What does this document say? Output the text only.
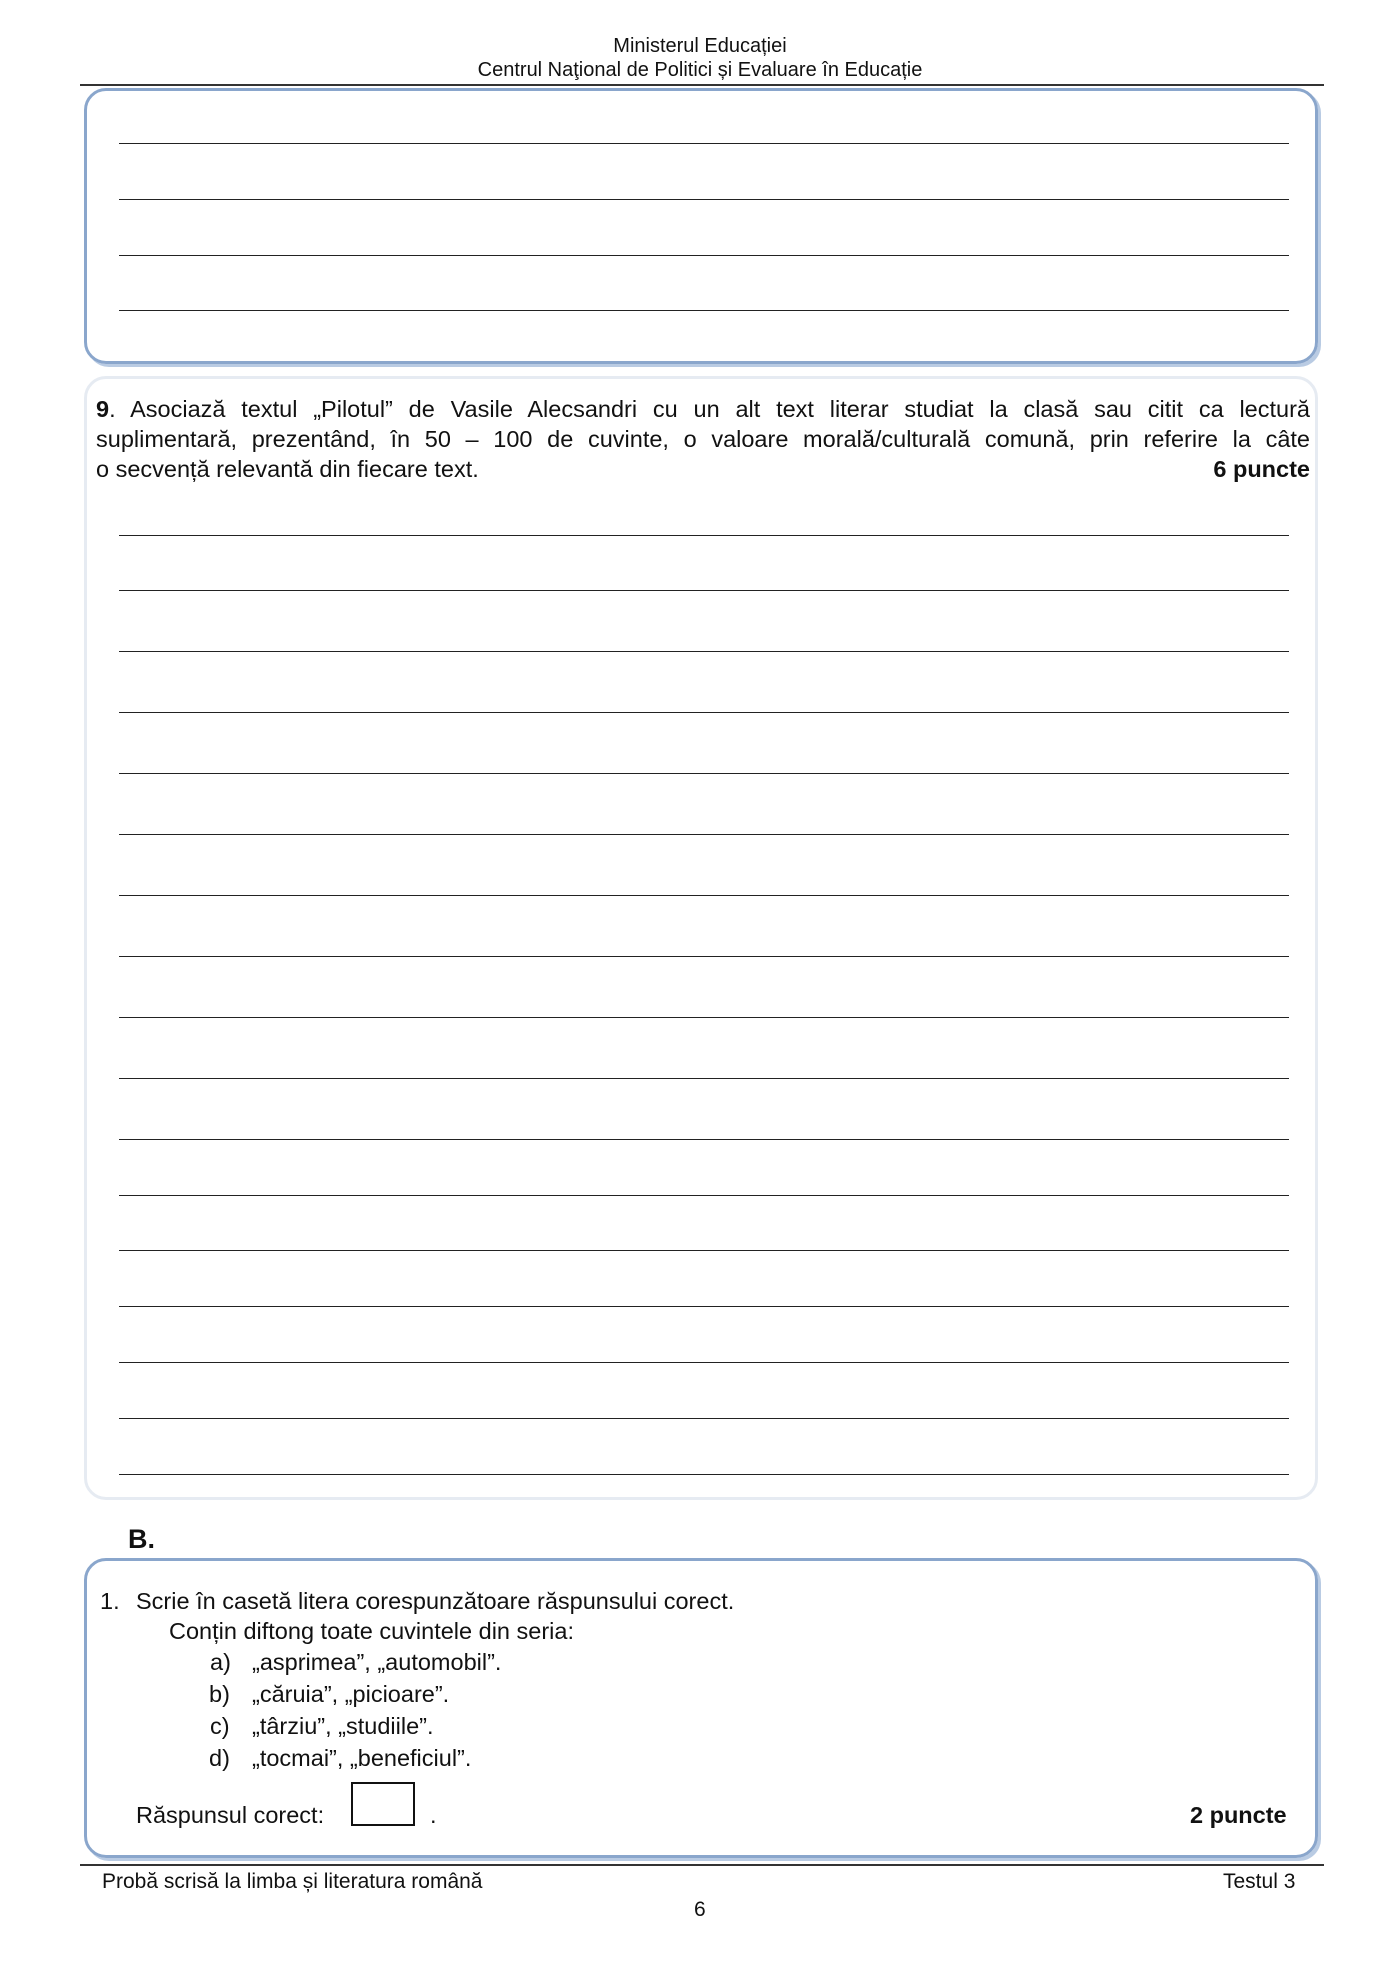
Ministerul Educației
Centrul Naţional de Politici și Evaluare în Educație
9. Asociază textul „Pilotul” de Vasile Alecsandri cu un alt text literar studiat la clasă sau citit ca lectură
suplimentară, prezentând, în 50 – 100 de cuvinte, o valoare morală/culturală comună, prin referire la câte
o secvență relevantă din fiecare text.	6 puncte
B.
1. Scrie în casetă litera corespunzătoare răspunsului corect.
Conțin diftong toate cuvintele din seria:
a) „asprimea”, „automobil”.
b) „căruia”, „picioare”.
c) „târziu”, „studiile”.
d) „tocmai”, „beneficiul”.
Răspunsul corect:	.	2 puncte
Probă scrisă la limba și literatura română	Testul 3
6
